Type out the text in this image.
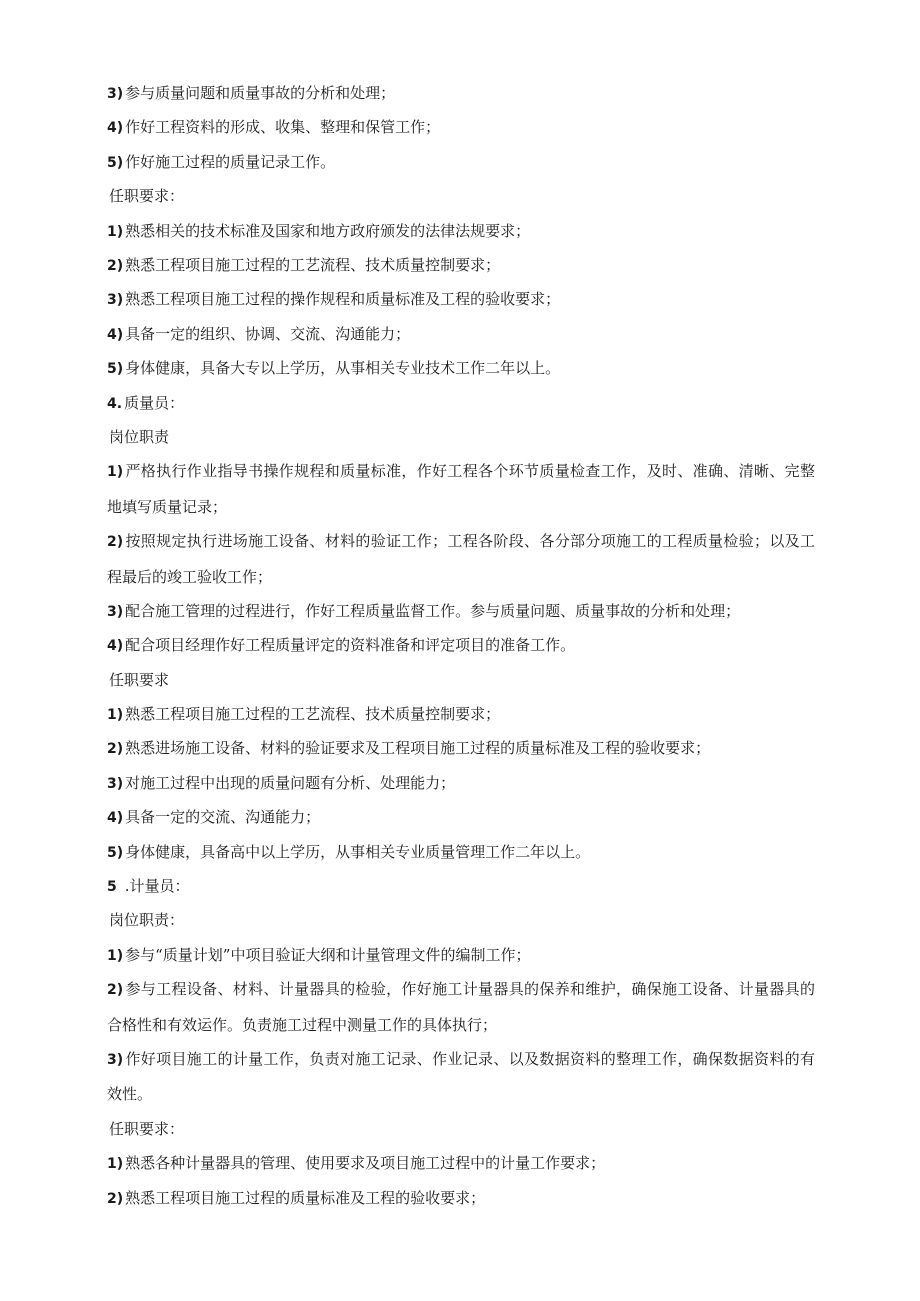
3) 参与质量问题和质量事故的分析和处理；
4) 作好工程资料的形成、收集、整理和保管工作；
5) 作好施工过程的质量记录工作。
任职要求：
1) 熟悉相关的技术标准及国家和地方政府颁发的法律法规要求；
2) 熟悉工程项目施工过程的工艺流程、技术质量控制要求；
3) 熟悉工程项目施工过程的操作规程和质量标准及工程的验收要求；
4) 具备一定的组织、协调、交流、沟通能力；
5) 身体健康，具备大专以上学历，从事相关专业技术工作二年以上。
4. 质量员：
岗位职责
1) 严格执行作业指导书操作规程和质量标准，作好工程各个环节质量检查工作，及时、准确、清晰、完整地填写质量记录；
2) 按照规定执行进场施工设备、材料的验证工作；工程各阶段、各分部分项施工的工程质量检验；以及工程最后的竣工验收工作；
3) 配合施工管理的过程进行，作好工程质量监督工作。参与质量问题、质量事故的分析和处理；
4) 配合项目经理作好工程质量评定的资料准备和评定项目的准备工作。
任职要求
1) 熟悉工程项目施工过程的工艺流程、技术质量控制要求；
2) 熟悉进场施工设备、材料的验证要求及工程项目施工过程的质量标准及工程的验收要求；
3) 对施工过程中出现的质量问题有分析、处理能力；
4) 具备一定的交流、沟通能力；
5) 身体健康，具备高中以上学历，从事相关专业质量管理工作二年以上。
5 .计量员：
岗位职责：
1) 参与“质量计划”中项目验证大纲和计量管理文件的编制工作；
2) 参与工程设备、材料、计量器具的检验，作好施工计量器具的保养和维护，确保施工设备、计量器具的合格性和有效运作。负责施工过程中测量工作的具体执行；
3) 作好项目施工的计量工作，负责对施工记录、作业记录、以及数据资料的整理工作，确保数据资料的有效性。
任职要求：
1) 熟悉各种计量器具的管理、使用要求及项目施工过程中的计量工作要求；
2) 熟悉工程项目施工过程的质量标准及工程的验收要求；
